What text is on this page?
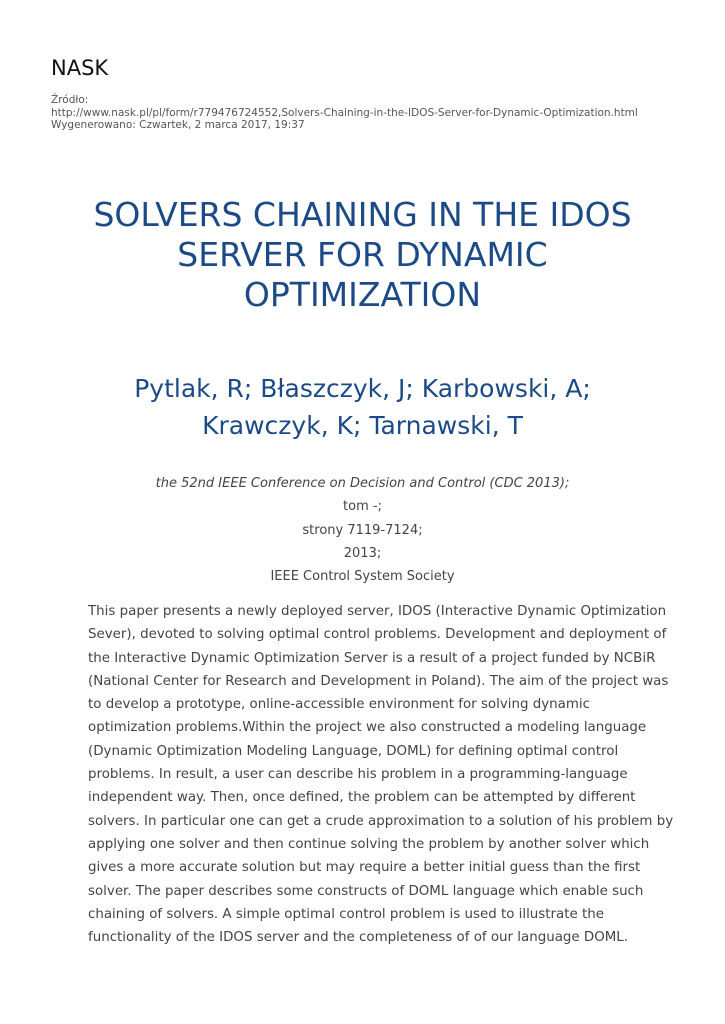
NASK
Źródło:
http://www.nask.pl/pl/form/r779476724552,Solvers-Chaining-in-the-IDOS-Server-for-Dynamic-Optimization.html
Wygenerowano: Czwartek, 2 marca 2017, 19:37
SOLVERS CHAINING IN THE IDOS
SERVER FOR DYNAMIC
OPTIMIZATION
Pytlak, R; Błaszczyk, J; Karbowski, A;
Krawczyk, K; Tarnawski, T
the 52nd IEEE Conference on Decision and Control (CDC 2013);
tom -;
strony 7119-7124;
2013;
IEEE Control System Society
This paper presents a newly deployed server, IDOS (Interactive Dynamic Optimization
Sever), devoted to solving optimal control problems. Development and deployment of
the Interactive Dynamic Optimization Server is a result of a project funded by NCBiR
(National Center for Research and Development in Poland). The aim of the project was
to develop a prototype, online-accessible environment for solving dynamic
optimization problems.Within the project we also constructed a modeling language
(Dynamic Optimization Modeling Language, DOML) for defining optimal control
problems. In result, a user can describe his problem in a programming-language
independent way. Then, once defined, the problem can be attempted by different
solvers. In particular one can get a crude approximation to a solution of his problem by
applying one solver and then continue solving the problem by another solver which
gives a more accurate solution but may require a better initial guess than the first
solver. The paper describes some constructs of DOML language which enable such
chaining of solvers. A simple optimal control problem is used to illustrate the
functionality of the IDOS server and the completeness of of our language DOML.
